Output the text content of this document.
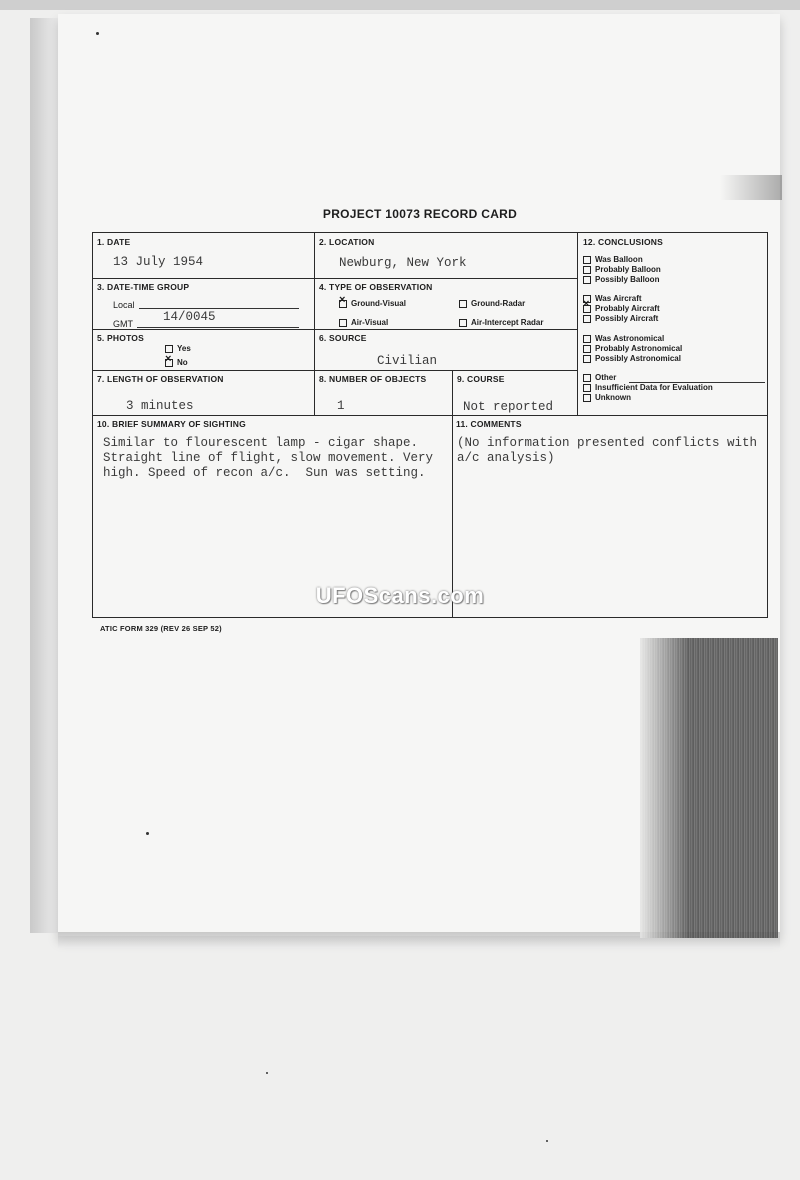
PROJECT 10073 RECORD CARD
1. DATE
13 July 1954
2. LOCATION
Newburg, New York
3. DATE-TIME GROUP
Local
GMT 14/0045
4. TYPE OF OBSERVATION
×Ground-Visual	Ground-Radar
Air-Visual	Air-Intercept Radar
5. PHOTOS
Yes
×No
6. SOURCE
Civilian
7. LENGTH OF OBSERVATION
3 minutes
8. NUMBER OF OBJECTS
1
9. COURSE
Not reported
12. CONCLUSIONS
Was Balloon
Probably Balloon
Possibly Balloon
Was Aircraft
×Probably Aircraft
Possibly Aircraft
Was Astronomical
Probably Astronomical
Possibly Astronomical
Other
Insufficient Data for Evaluation
Unknown
10. BRIEF SUMMARY OF SIGHTING
Similar to flourescent lamp - cigar shape.
Straight line of flight, slow movement. Very
high. Speed of recon a/c.  Sun was setting.
11. COMMENTS
(No information presented conflicts with
a/c analysis)
UFOScans.com
ATIC FORM 329 (REV 26 SEP 52)
